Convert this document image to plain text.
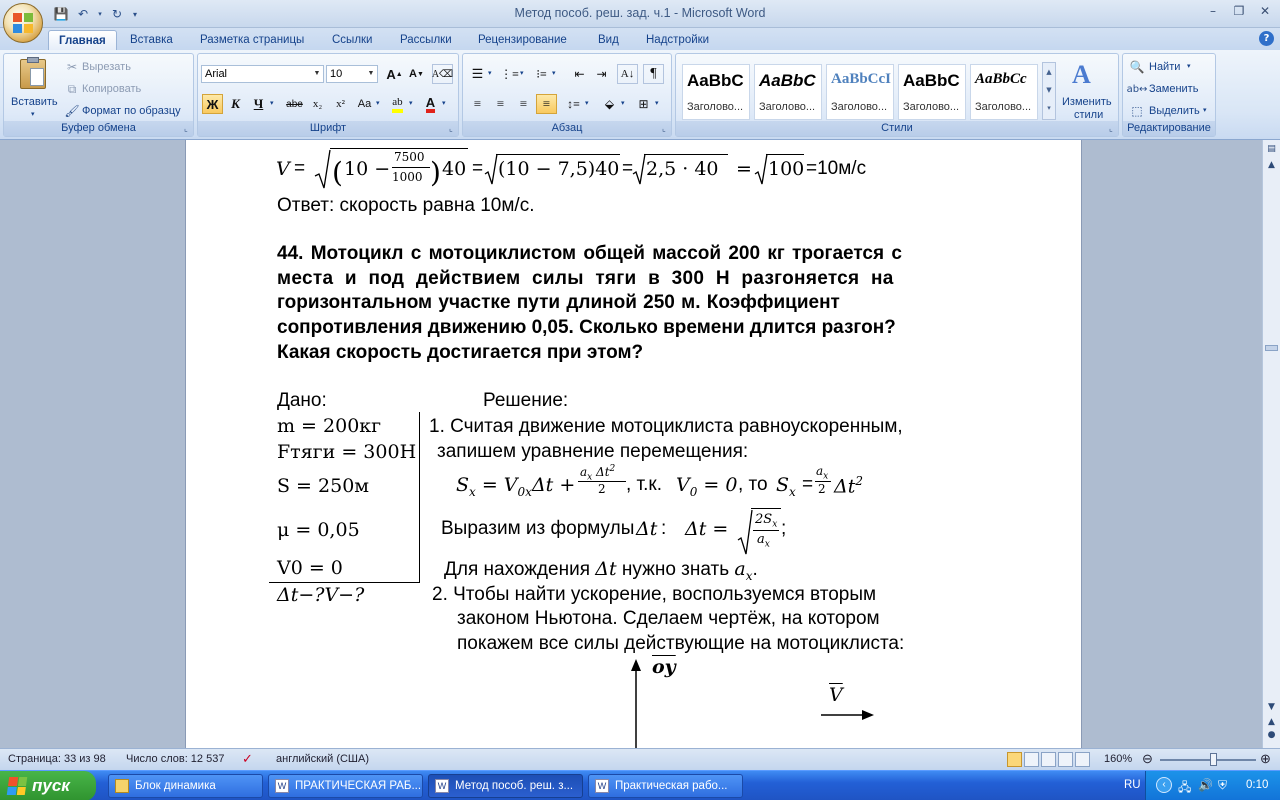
💾 ↶	▾ ↻	▾	Метод пособ. реш. зад. ч.1 - Microsoft Word	–	❐	✕
Главная	Вставка	Разметка страницы	Ссылки	Рассылки	Рецензирование	Вид	Надстройки	?
Вставить
▾
✂ Вырезать
⧉ Копировать
🖌 Формат по образцу
Буфер обмена	⌞
Arial	▼ 10	▼ A ▲ A ▼ A⌫
Ж К	Ч ▾ abe x₂	x²	Aa ▾ ab ▾ A ▾
Шрифт	⌞
☰ ▾ ⋮≡ ▾	⁝≡ ▾	⇤ ⇥	A↓	¶
≡	≡	≡	≡	↕≡ ▾	⬙ ▾	⊞ ▾
Абзац	⌞
AaBbC
Заголово...
AaBbC
Заголово...
AaBbCcI
Заголово...
AaBbC
Заголово...
AaBbCc
Заголово...
▲
▼
▾
A
Изменить
стили
Стили	⌞
🔍 Найти ▾
ab↔ Заменить
⬚ Выделить ▾
Редактирование
V = ( 10 −
7500
1000 ) 40 = (10 − 7,5)40 = 2,5 · 40 = 100 =10м/с
Ответ: скорость равна 10м/с.
44. Мотоцикл с мотоциклистом общей массой 200 кг трогается с
места и под действием силы тяги в 300 Н разгоняется на
горизонтальном участке пути длиной 250 м. Коэффициент
сопротивления движению 0,05. Сколько времени длится разгон?
Какая скорость достигается при этом?
Дано:	Решение:
m = 200кг
Fтяги = 300Н
S = 250м
μ = 0,05
V0 = 0
Δt−?V−?
1. Считая движение мотоциклиста равноускоренным,
запишем уравнение перемещения:
$S_x = V_{0x}\Delta t$ +
$a_x$ $\Delta t^2$
2 , т.к. $V_0 = 0$ , то $S_x$ =
$a_x$
2 $\Delta t^2$
Выразим из формулы Δt : $\Delta t = 2S_x$
$a_x$
;
Для нахождения Δt нужно знать $a_x$.
2. Чтобы найти ускорение, воспользуемся вторым
законом Ньютона. Сделаем чертёж, на котором
покажем все силы действующие на мотоциклиста:
$\overline{oy}$
$\overline{V}$
▤
▲
▼
▲
●
Страница: 33 из 98 Число слов: 12 537 ✓ английский (США)	160% ⊖	⊕
пуск	Блок динамика	W ПРАКТИЧЕСКАЯ РАБ...	W Метод пособ. реш. з...	W Практическая рабо...	RU	‹	🖧 🔊 ⛨ 0:10
